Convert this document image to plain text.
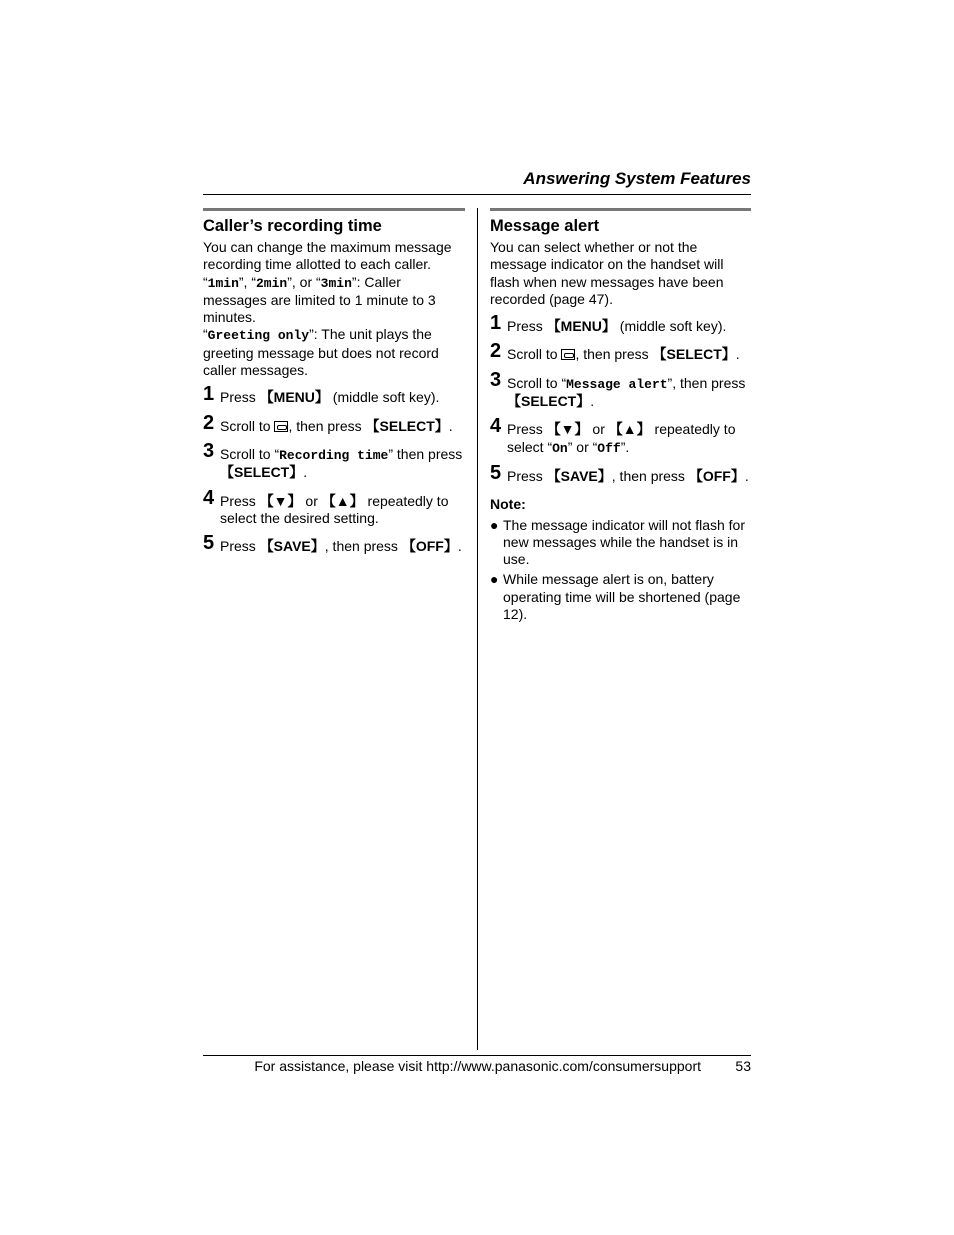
Answering System Features
Caller’s recording time

You can change the maximum message recording time allotted to each caller.
“1min”, “2min”, or “3min”: Caller messages are limited to 1 minute to 3 minutes.
“Greeting only”: The unit plays the greeting message but does not record caller messages.

1 Press 【MENU】 (middle soft key).
2 Scroll to , then press 【SELECT】.
3 Scroll to “Recording time” then press 【SELECT】.
4 Press 【▼】 or 【▲】 repeatedly to select the desired setting.
5 Press 【SAVE】, then press 【OFF】.
Message alert

You can select whether or not the message indicator on the handset will flash when new messages have been recorded (page 47).

1 Press 【MENU】 (middle soft key).
2 Scroll to , then press 【SELECT】.
3 Scroll to “Message alert”, then press 【SELECT】.
4 Press 【▼】 or 【▲】 repeatedly to select “On” or “Off”.
5 Press 【SAVE】, then press 【OFF】.
Note:
● The message indicator will not flash for new messages while the handset is in use.
● While message alert is on, battery operating time will be shortened (page 12).
For assistance, please visit http://www.panasonic.com/consumersupport 53
